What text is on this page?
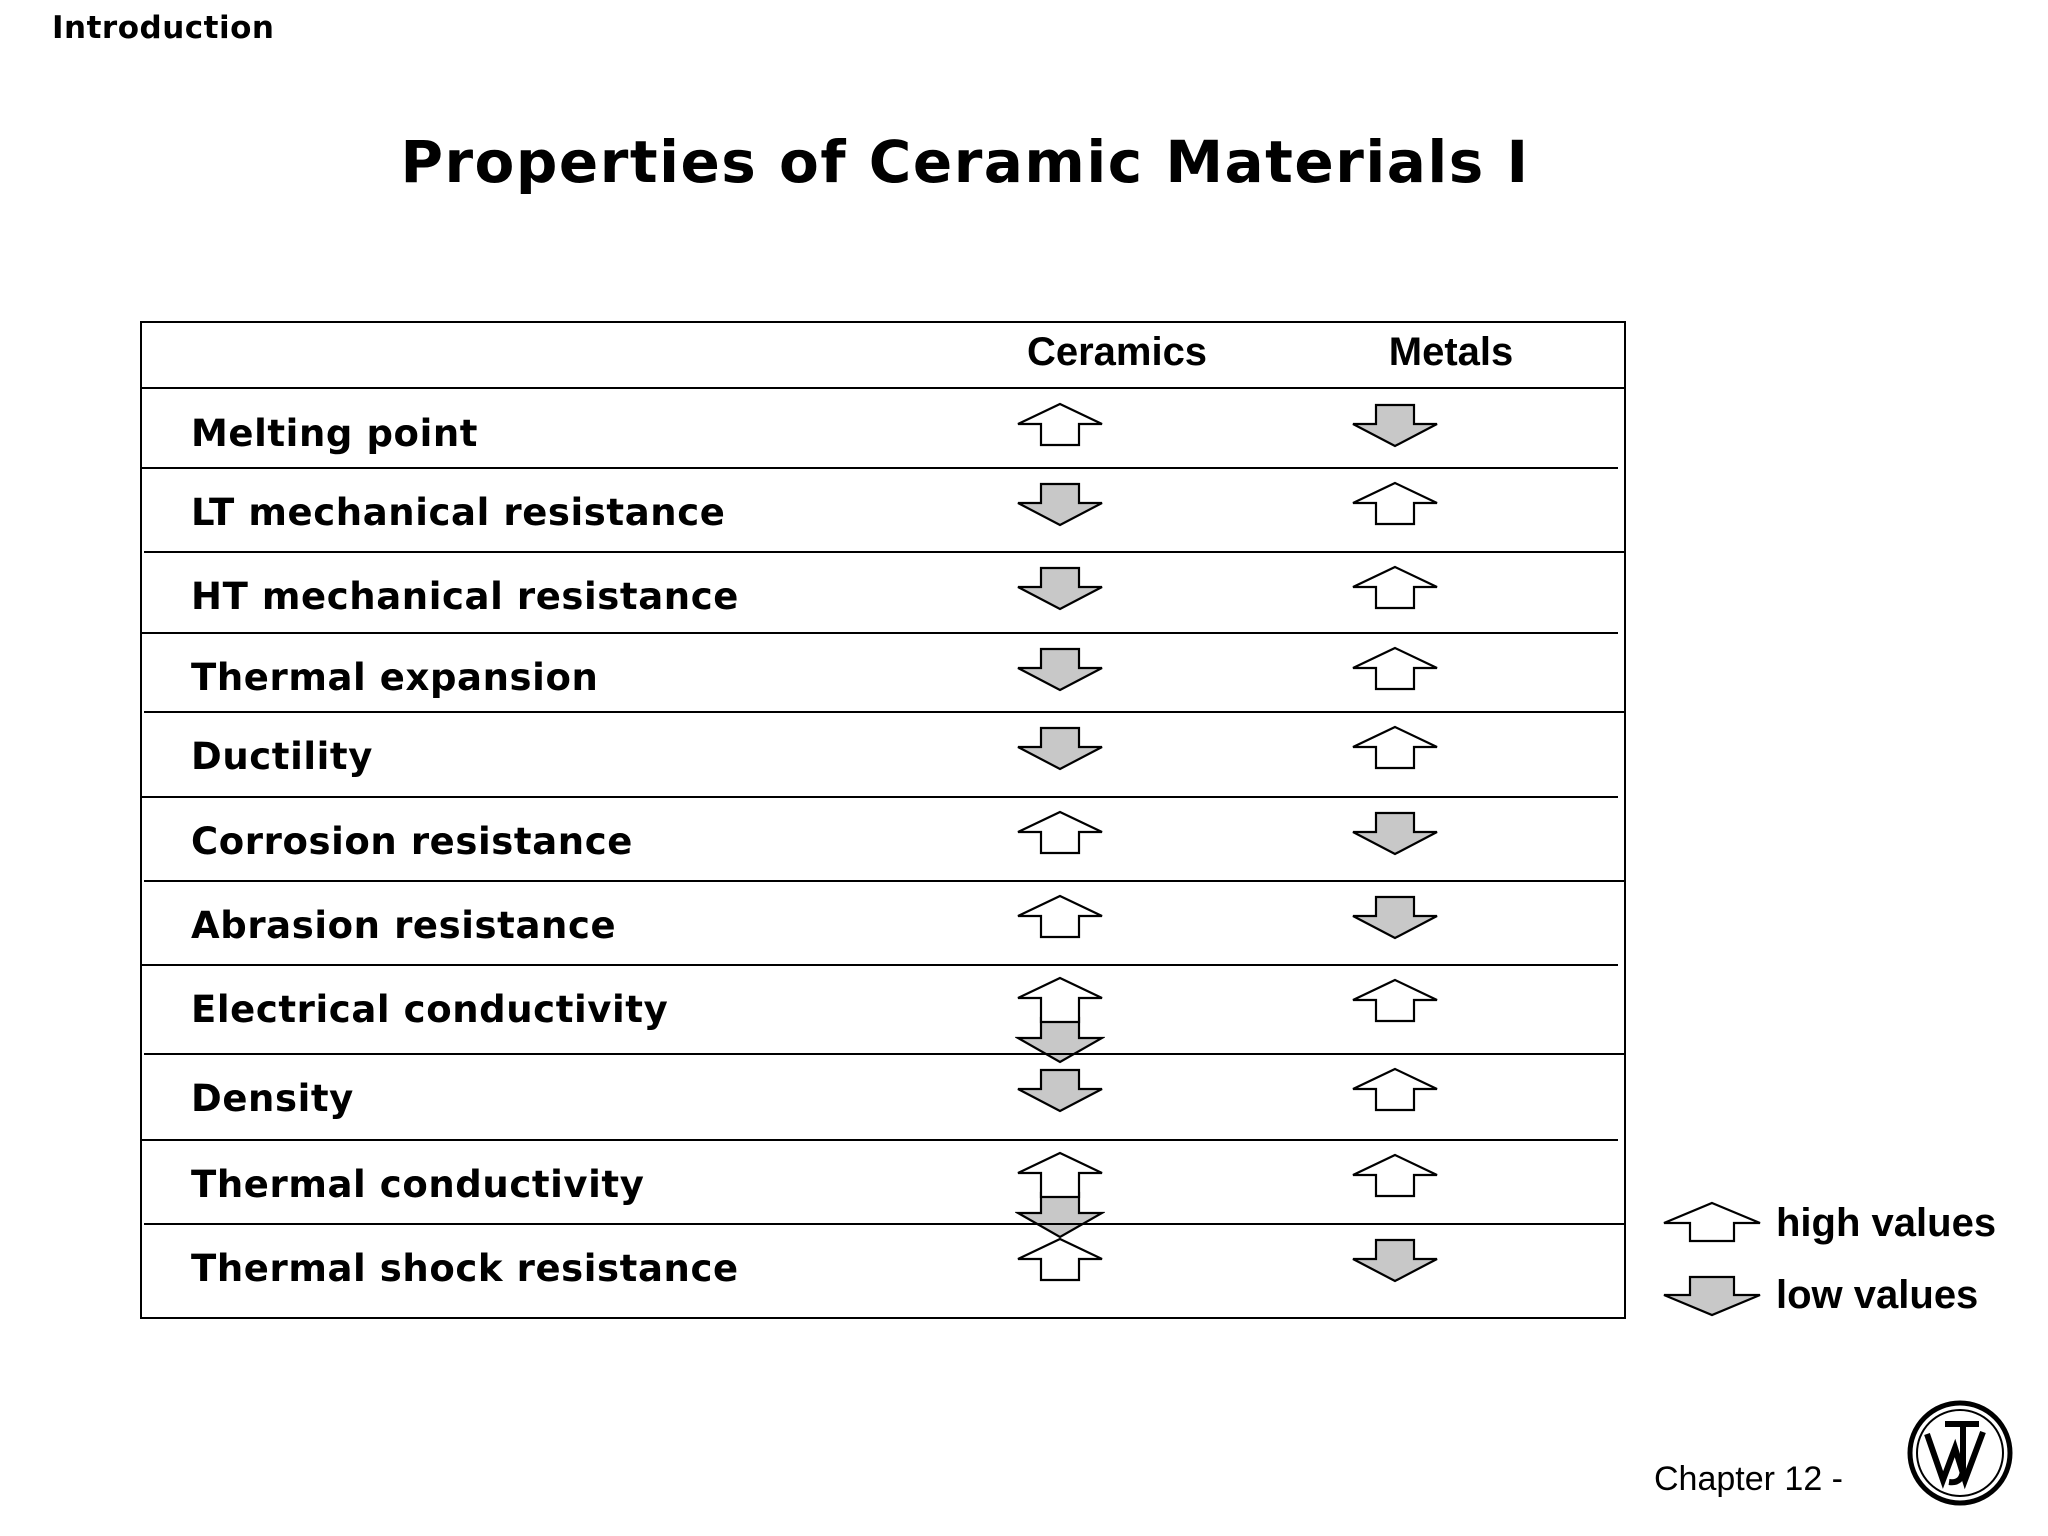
Introduction
Properties of Ceramic Materials I
Ceramics	Metals
Melting point
LT mechanical resistance
HT mechanical resistance
Thermal expansion
Ductility
Corrosion resistance
Abrasion resistance
Electrical conductivity
Density
Thermal conductivity
Thermal shock resistance
high values
low values
Chapter 12 -
